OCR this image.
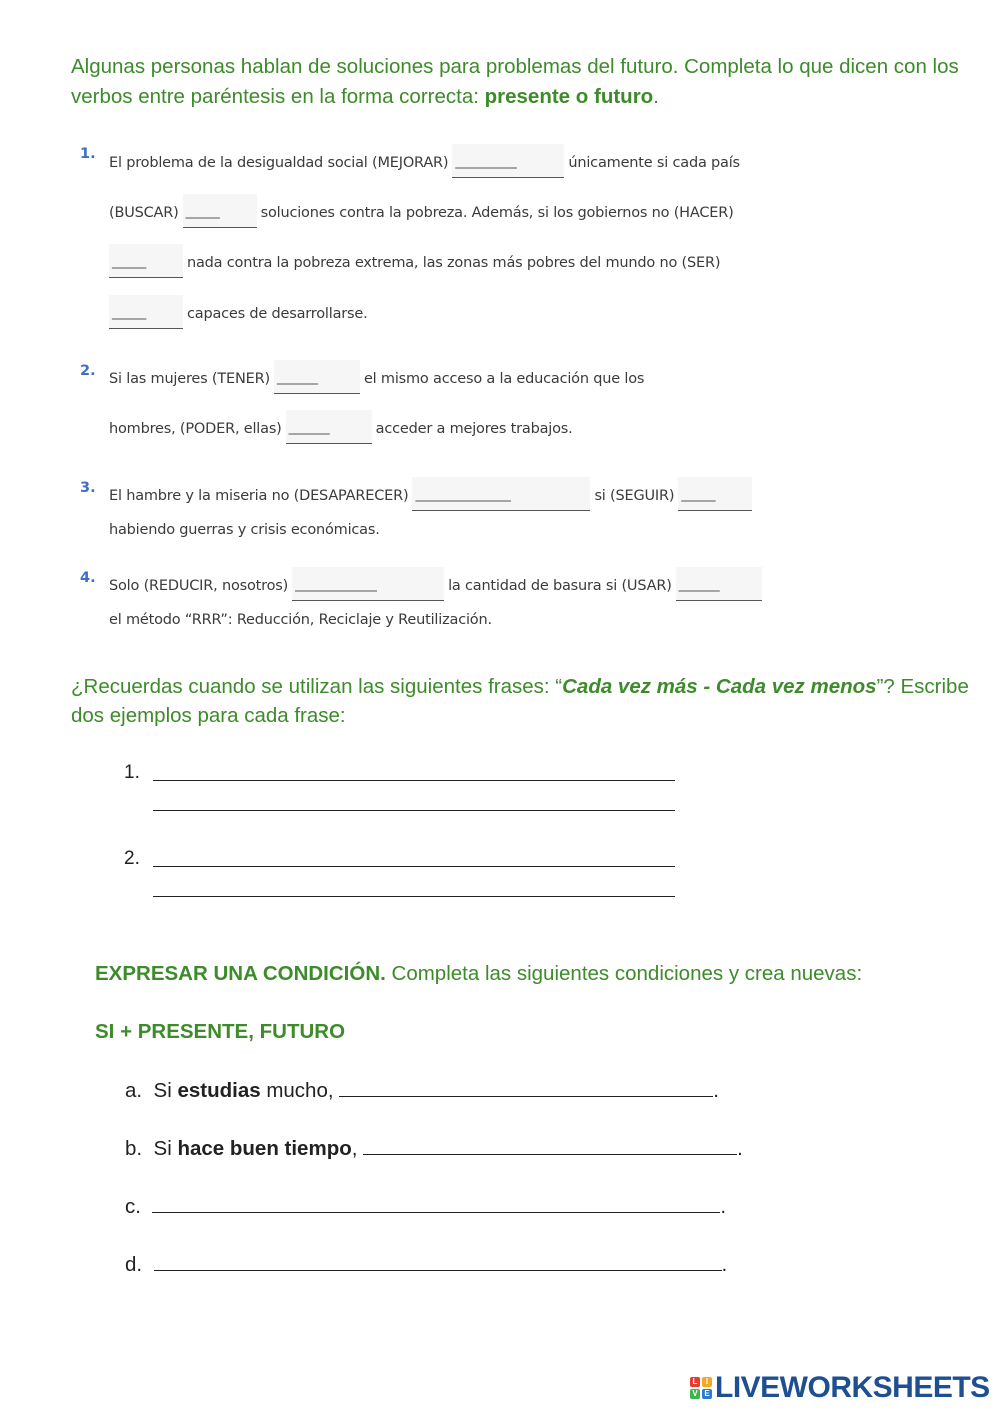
Algunas personas hablan de soluciones para problemas del futuro. Completa lo que dicen con los verbos entre paréntesis en la forma correcta: presente o futuro.
1.
El problema de la desigualdad social (MEJORAR) _________	únicamente si cada país
(BUSCAR) _____	soluciones contra la pobreza. Además, si los gobiernos no (HACER)
_____	nada contra la pobreza extrema, las zonas más pobres del mundo no (SER)
_____	capaces de desarrollarse.
2. Si las mujeres (TENER) ______	el mismo acceso a la educación que los
hombres, (PODER, ellas) ______	acceder a mejores trabajos.
3. El hambre y la miseria no (DESAPARECER) ______________	si (SEGUIR) _____
habiendo guerras y crisis económicas.
4. Solo (REDUCIR, nosotros) ____________	la cantidad de basura si (USAR) ______
el método “RRR”: Reducción, Reciclaje y Reutilización.
¿Recuerdas cuando se utilizan las siguientes frases: “Cada vez más - Cada vez menos”? Escribe dos ejemplos para cada frase:
1.
2.
EXPRESAR UNA CONDICIÓN. Completa las siguientes condiciones y crea nuevas:
SI + PRESENTE, FUTURO
a. Si estudias mucho,	.
b. Si hace buen tiempo,	.
c.	.
d.	.
L	I
V E LIVEWORKSHEETS
